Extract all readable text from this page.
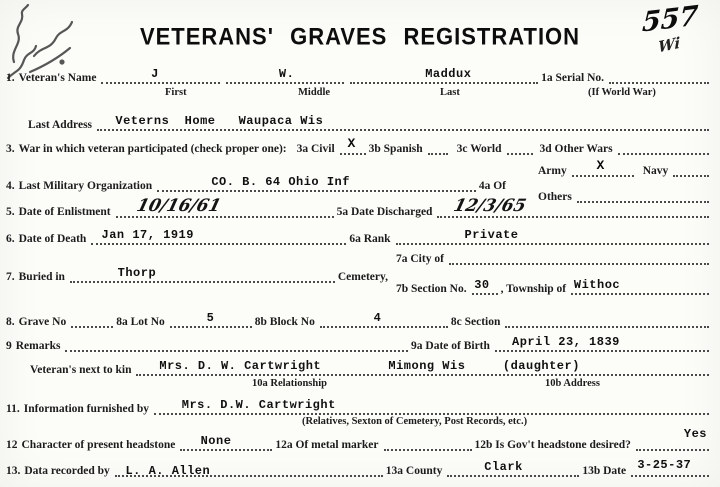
557
Wi
VETERANS' GRAVES REGISTRATION
1. Veteran's Name	J	W.	Maddux	1a Serial No.
First	Middle	Last	(If World War)
Last Address Veterns  Home   Waupaca Wis
3. War in which veteran participated (check proper one): 3a Civil X 3b Spanish	3c World	3d Other Wars
4. Last Military Organization	CO. B. 64 Ohio Inf	4a Of
Army X	Navy
Others
5. Date of Enlistment 10/16/61	5a Date Discharged 12/3/65
6. Date of Death Jan 17, 1919	6a Rank	Private
7. Buried in	Thorp	Cemetery,
7a City of
7b Section No. 30 , Township of Withoc
8. Grave No	8a Lot No	5	8b Block No	4	8c Section
9 Remarks	9a Date of Birth April 23, 1839
Veteran's next to kin Mrs. D. W. Cartwright	Mimong Wis	(daughter)
10a Relationship	10b Address
11. Information furnished by	Mrs. D.W. Cartwright
(Relatives, Sexton of Cemetery, Post Records, etc.)
12 Character of present headstone None	12a Of metal marker	12b Is Gov't headstone desired?
Yes
13. Data recorded by L. A. Allen	13a County	Clark	13b Date 3-25-37
